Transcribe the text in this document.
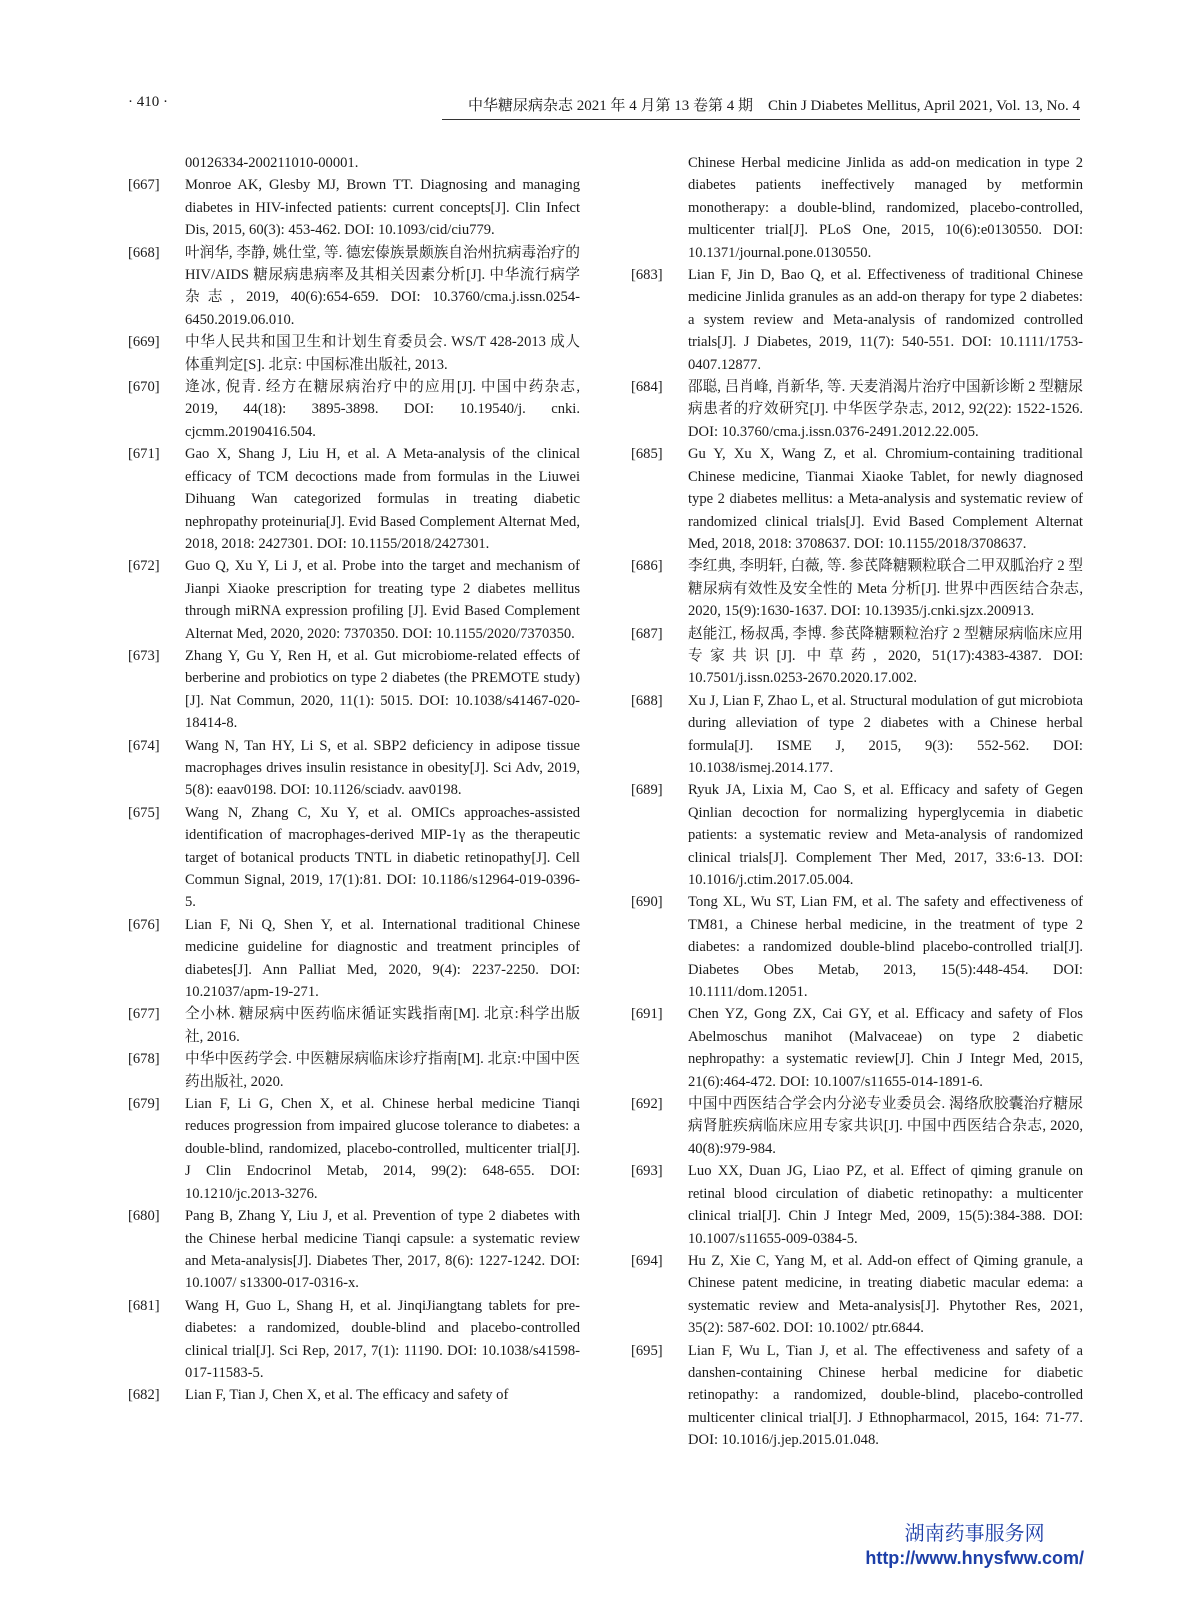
· 410 ·	中华糖尿病杂志 2021 年 4 月第 13 卷第 4 期　Chin J Diabetes Mellitus, April 2021, Vol. 13, No. 4
00126334-200211010-00001.
[667] Monroe AK, Glesby MJ, Brown TT. Diagnosing and managing diabetes in HIV-infected patients: current concepts[J]. Clin Infect Dis, 2015, 60(3): 453-462. DOI: 10.1093/cid/ciu779.
[668] 叶润华, 李静, 姚仕堂, 等. 德宏傣族景颇族自治州抗病毒治疗的 HIV/AIDS 糖尿病患病率及其相关因素分析[J]. 中华流行病学杂志, 2019, 40(6):654-659. DOI: 10.3760/cma.j.issn.0254-6450.2019.06.010.
[669] 中华人民共和国卫生和计划生育委员会. WS/T 428-2013 成人体重判定[S]. 北京: 中国标准出版社, 2013.
[670] 逄冰, 倪青. 经方在糖尿病治疗中的应用[J]. 中国中药杂志, 2019, 44(18): 3895-3898. DOI: 10.19540/j. cnki. cjcmm.20190416.504.
[671] Gao X, Shang J, Liu H, et al. A Meta-analysis of the clinical efficacy of TCM decoctions made from formulas in the Liuwei Dihuang Wan categorized formulas in treating diabetic nephropathy proteinuria[J]. Evid Based Complement Alternat Med, 2018, 2018: 2427301. DOI: 10.1155/2018/2427301.
[672] Guo Q, Xu Y, Li J, et al. Probe into the target and mechanism of Jianpi Xiaoke prescription for treating type 2 diabetes mellitus through miRNA expression profiling [J]. Evid Based Complement Alternat Med, 2020, 2020: 7370350. DOI: 10.1155/2020/7370350.
[673] Zhang Y, Gu Y, Ren H, et al. Gut microbiome-related effects of berberine and probiotics on type 2 diabetes (the PREMOTE study) [J]. Nat Commun, 2020, 11(1): 5015. DOI: 10.1038/s41467-020-18414-8.
[674] Wang N, Tan HY, Li S, et al. SBP2 deficiency in adipose tissue macrophages drives insulin resistance in obesity[J]. Sci Adv, 2019, 5(8): eaav0198. DOI: 10.1126/sciadv. aav0198.
[675] Wang N, Zhang C, Xu Y, et al. OMICs approaches-assisted identification of macrophages-derived MIP-1γ as the therapeutic target of botanical products TNTL in diabetic retinopathy[J]. Cell Commun Signal, 2019, 17(1):81. DOI: 10.1186/s12964-019-0396-5.
[676] Lian F, Ni Q, Shen Y, et al. International traditional Chinese medicine guideline for diagnostic and treatment principles of diabetes[J]. Ann Palliat Med, 2020, 9(4): 2237-2250. DOI: 10.21037/apm-19-271.
[677] 仝小林. 糖尿病中医药临床循证实践指南[M]. 北京:科学出版社, 2016.
[678] 中华中医药学会. 中医糖尿病临床诊疗指南[M]. 北京:中国中医药出版社, 2020.
[679] Lian F, Li G, Chen X, et al. Chinese herbal medicine Tianqi reduces progression from impaired glucose tolerance to diabetes: a double-blind, randomized, placebo-controlled, multicenter trial[J]. J Clin Endocrinol Metab, 2014, 99(2): 648-655. DOI: 10.1210/jc.2013-3276.
[680] Pang B, Zhang Y, Liu J, et al. Prevention of type 2 diabetes with the Chinese herbal medicine Tianqi capsule: a systematic review and Meta-analysis[J]. Diabetes Ther, 2017, 8(6): 1227-1242. DOI: 10.1007/ s13300-017-0316-x.
[681] Wang H, Guo L, Shang H, et al. JinqiJiangtang tablets for pre-diabetes: a randomized, double-blind and placebo-controlled clinical trial[J]. Sci Rep, 2017, 7(1): 11190. DOI: 10.1038/s41598-017-11583-5.
[682] Lian F, Tian J, Chen X, et al. The efficacy and safety of
Chinese Herbal medicine Jinlida as add-on medication in type 2 diabetes patients ineffectively managed by metformin monotherapy: a double-blind, randomized, placebo-controlled, multicenter trial[J]. PLoS One, 2015, 10(6):e0130550. DOI: 10.1371/journal.pone.0130550.
[683] Lian F, Jin D, Bao Q, et al. Effectiveness of traditional Chinese medicine Jinlida granules as an add-on therapy for type 2 diabetes: a system review and Meta-analysis of randomized controlled trials[J]. J Diabetes, 2019, 11(7): 540-551. DOI: 10.1111/1753-0407.12877.
[684] 邵聪, 吕肖峰, 肖新华, 等. 天麦消渴片治疗中国新诊断 2 型糖尿病患者的疗效研究[J]. 中华医学杂志, 2012, 92(22): 1522-1526. DOI: 10.3760/cma.j.issn.0376-2491.2012.22.005.
[685] Gu Y, Xu X, Wang Z, et al. Chromium-containing traditional Chinese medicine, Tianmai Xiaoke Tablet, for newly diagnosed type 2 diabetes mellitus: a Meta-analysis and systematic review of randomized clinical trials[J]. Evid Based Complement Alternat Med, 2018, 2018: 3708637. DOI: 10.1155/2018/3708637.
[686] 李红典, 李明轩, 白薇, 等. 参芪降糖颗粒联合二甲双胍治疗 2 型糖尿病有效性及安全性的 Meta 分析[J]. 世界中西医结合杂志, 2020, 15(9):1630-1637. DOI: 10.13935/j.cnki.sjzx.200913.
[687] 赵能江, 杨叔禹, 李博. 参芪降糖颗粒治疗 2 型糖尿病临床应用专家共识[J]. 中草药, 2020, 51(17):4383-4387. DOI: 10.7501/j.issn.0253-2670.2020.17.002.
[688] Xu J, Lian F, Zhao L, et al. Structural modulation of gut microbiota during alleviation of type 2 diabetes with a Chinese herbal formula[J]. ISME J, 2015, 9(3): 552-562. DOI: 10.1038/ismej.2014.177.
[689] Ryuk JA, Lixia M, Cao S, et al. Efficacy and safety of Gegen Qinlian decoction for normalizing hyperglycemia in diabetic patients: a systematic review and Meta-analysis of randomized clinical trials[J]. Complement Ther Med, 2017, 33:6-13. DOI: 10.1016/j.ctim.2017.05.004.
[690] Tong XL, Wu ST, Lian FM, et al. The safety and effectiveness of TM81, a Chinese herbal medicine, in the treatment of type 2 diabetes: a randomized double-blind placebo-controlled trial[J]. Diabetes Obes Metab, 2013, 15(5):448-454. DOI: 10.1111/dom.12051.
[691] Chen YZ, Gong ZX, Cai GY, et al. Efficacy and safety of Flos Abelmoschus manihot (Malvaceae) on type 2 diabetic nephropathy: a systematic review[J]. Chin J Integr Med, 2015, 21(6):464-472. DOI: 10.1007/s11655-014-1891-6.
[692] 中国中西医结合学会内分泌专业委员会. 渴络欣胶囊治疗糖尿病肾脏疾病临床应用专家共识[J]. 中国中西医结合杂志, 2020, 40(8):979-984.
[693] Luo XX, Duan JG, Liao PZ, et al. Effect of qiming granule on retinal blood circulation of diabetic retinopathy: a multicenter clinical trial[J]. Chin J Integr Med, 2009, 15(5):384-388. DOI: 10.1007/s11655-009-0384-5.
[694] Hu Z, Xie C, Yang M, et al. Add-on effect of Qiming granule, a Chinese patent medicine, in treating diabetic macular edema: a systematic review and Meta-analysis[J]. Phytother Res, 2021, 35(2): 587-602. DOI: 10.1002/ ptr.6844.
[695] Lian F, Wu L, Tian J, et al. The effectiveness and safety of a danshen-containing Chinese herbal medicine for diabetic retinopathy: a randomized, double-blind, placebo-controlled multicenter clinical trial[J]. J Ethnopharmacol, 2015, 164: 71-77. DOI: 10.1016/j.jep.2015.01.048.
湖南药事服务网
http://www.hnysfww.com/
